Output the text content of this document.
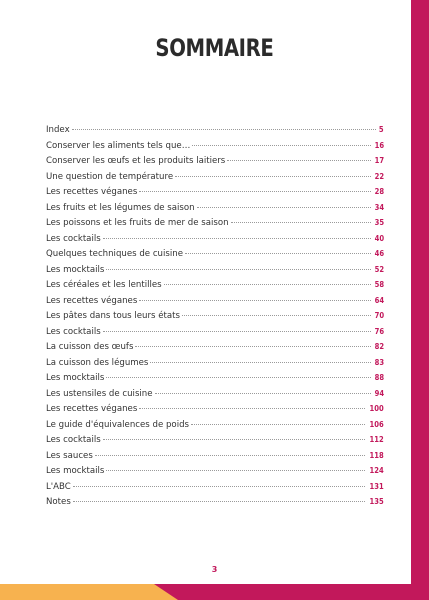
SOMMAIRE
Index	5
Conserver les aliments tels que…	16
Conserver les œufs et les produits laitiers	17
Une question de température	22
Les recettes véganes	28
Les fruits et les légumes de saison	34
Les poissons et les fruits de mer de saison	35
Les cocktails	40
Quelques techniques de cuisine	46
Les mocktails	52
Les céréales et les lentilles	58
Les recettes véganes	64
Les pâtes dans tous leurs états	70
Les cocktails	76
La cuisson des œufs	82
La cuisson des légumes	83
Les mocktails	88
Les ustensiles de cuisine	94
Les recettes véganes	100
Le guide d'équivalences de poids	106
Les cocktails	112
Les sauces	118
Les mocktails	124
L'ABC	131
Notes	135
3
